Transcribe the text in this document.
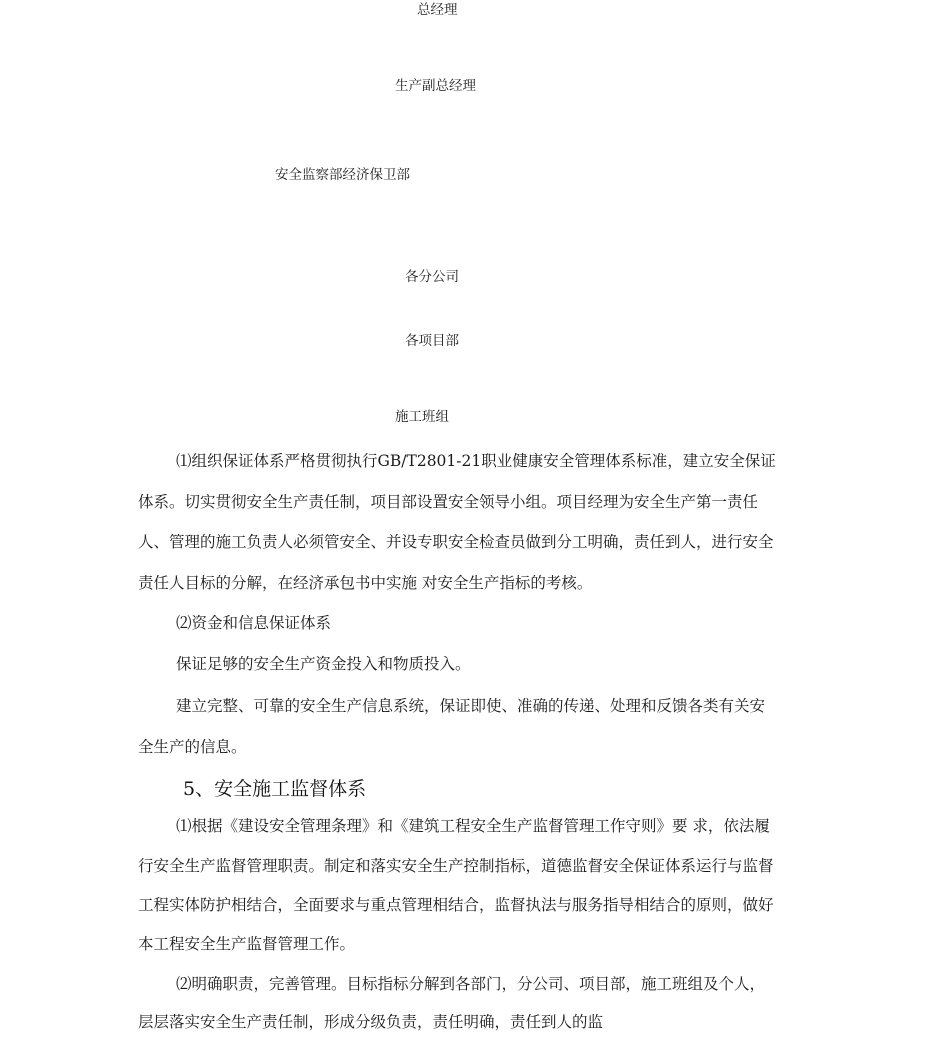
总经理
生产副总经理
安全监察部经济保卫部
各分公司
各项目部
施工班组
⑴组织保证体系严格贯彻执行GB/T2801-21职业健康安全管理体系标准，建立安全保证
体系。切实贯彻安全生产责任制，项目部设置安全领导小组。项目经理为安全生产第一责任
人、管理的施工负责人必须管安全、并设专职安全检查员做到分工明确，责任到人，进行安全
责任人目标的分解，在经济承包书中实施 对安全生产指标的考核。
⑵资金和信息保证体系
保证足够的安全生产资金投入和物质投入。
建立完整、可靠的安全生产信息系统，保证即使、准确的传递、处理和反馈各类有关安
全生产的信息。
5、安全施工监督体系
⑴根据《建设安全管理条理》和《建筑工程安全生产监督管理工作守则》要 求，依法履
行安全生产监督管理职责。制定和落实安全生产控制指标，道德监督安全保证体系运行与监督
工程实体防护相结合，全面要求与重点管理相结合，监督执法与服务指导相结合的原则，做好
本工程安全生产监督管理工作。
⑵明确职责，完善管理。目标指标分解到各部门，分公司、项目部，施工班组及个人，
层层落实安全生产责任制，形成分级负责，责任明确，责任到人的监
